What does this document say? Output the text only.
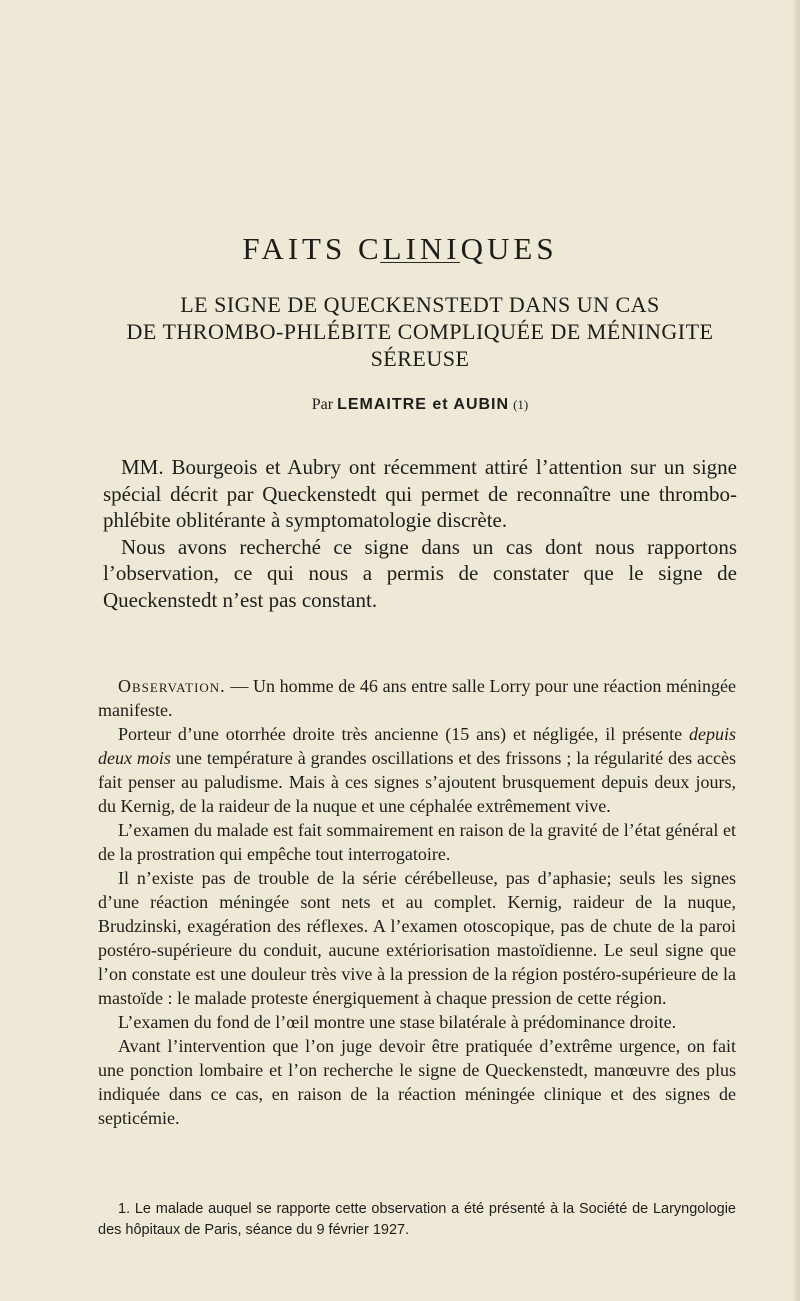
FAITS CLINIQUES
LE SIGNE DE QUECKENSTEDT DANS UN CAS
DE THROMBO-PHLÉBITE COMPLIQUÉE DE MÉNINGITE
SÉREUSE
Par LEMAITRE et AUBIN (1)

MM. Bourgeois et Aubry ont récemment attiré l’attention sur un signe spécial décrit par Queckenstedt qui permet de reconnaître une thrombo-phlébite oblitérante à symptomatologie discrète.

Nous avons recherché ce signe dans un cas dont nous rapportons l’observation, ce qui nous a permis de constater que le signe de Queckenstedt n’est pas constant.

Observation. — Un homme de 46 ans entre salle Lorry pour une réaction méningée manifeste.

Porteur d’une otorrhée droite très ancienne (15 ans) et négligée, il présente depuis deux mois une température à grandes oscillations et des frissons ; la régularité des accès fait penser au paludisme. Mais à ces signes s’ajoutent brusquement depuis deux jours, du Kernig, de la raideur de la nuque et une céphalée extrêmement vive.

L’examen du malade est fait sommairement en raison de la gravité de l’état général et de la prostration qui empêche tout interrogatoire.

Il n’existe pas de trouble de la série cérébelleuse, pas d’aphasie; seuls les signes d’une réaction méningée sont nets et au complet. Kernig, raideur de la nuque, Brudzinski, exagération des réflexes. A l’examen otoscopique, pas de chute de la paroi postéro-supérieure du conduit, aucune extériorisation mastoïdienne. Le seul signe que l’on constate est une douleur très vive à la pression de la région postéro-supérieure de la mastoïde : le malade proteste énergiquement à chaque pression de cette région.

L’examen du fond de l’œil montre une stase bilatérale à prédominance droite.

Avant l’intervention que l’on juge devoir être pratiquée d’extrême urgence, on fait une ponction lombaire et l’on recherche le signe de Queckenstedt, manœuvre des plus indiquée dans ce cas, en raison de la réaction méningée clinique et des signes de septicémie.

1. Le malade auquel se rapporte cette observation a été présenté à la Société de Laryngologie des hôpitaux de Paris, séance du 9 février 1927.
